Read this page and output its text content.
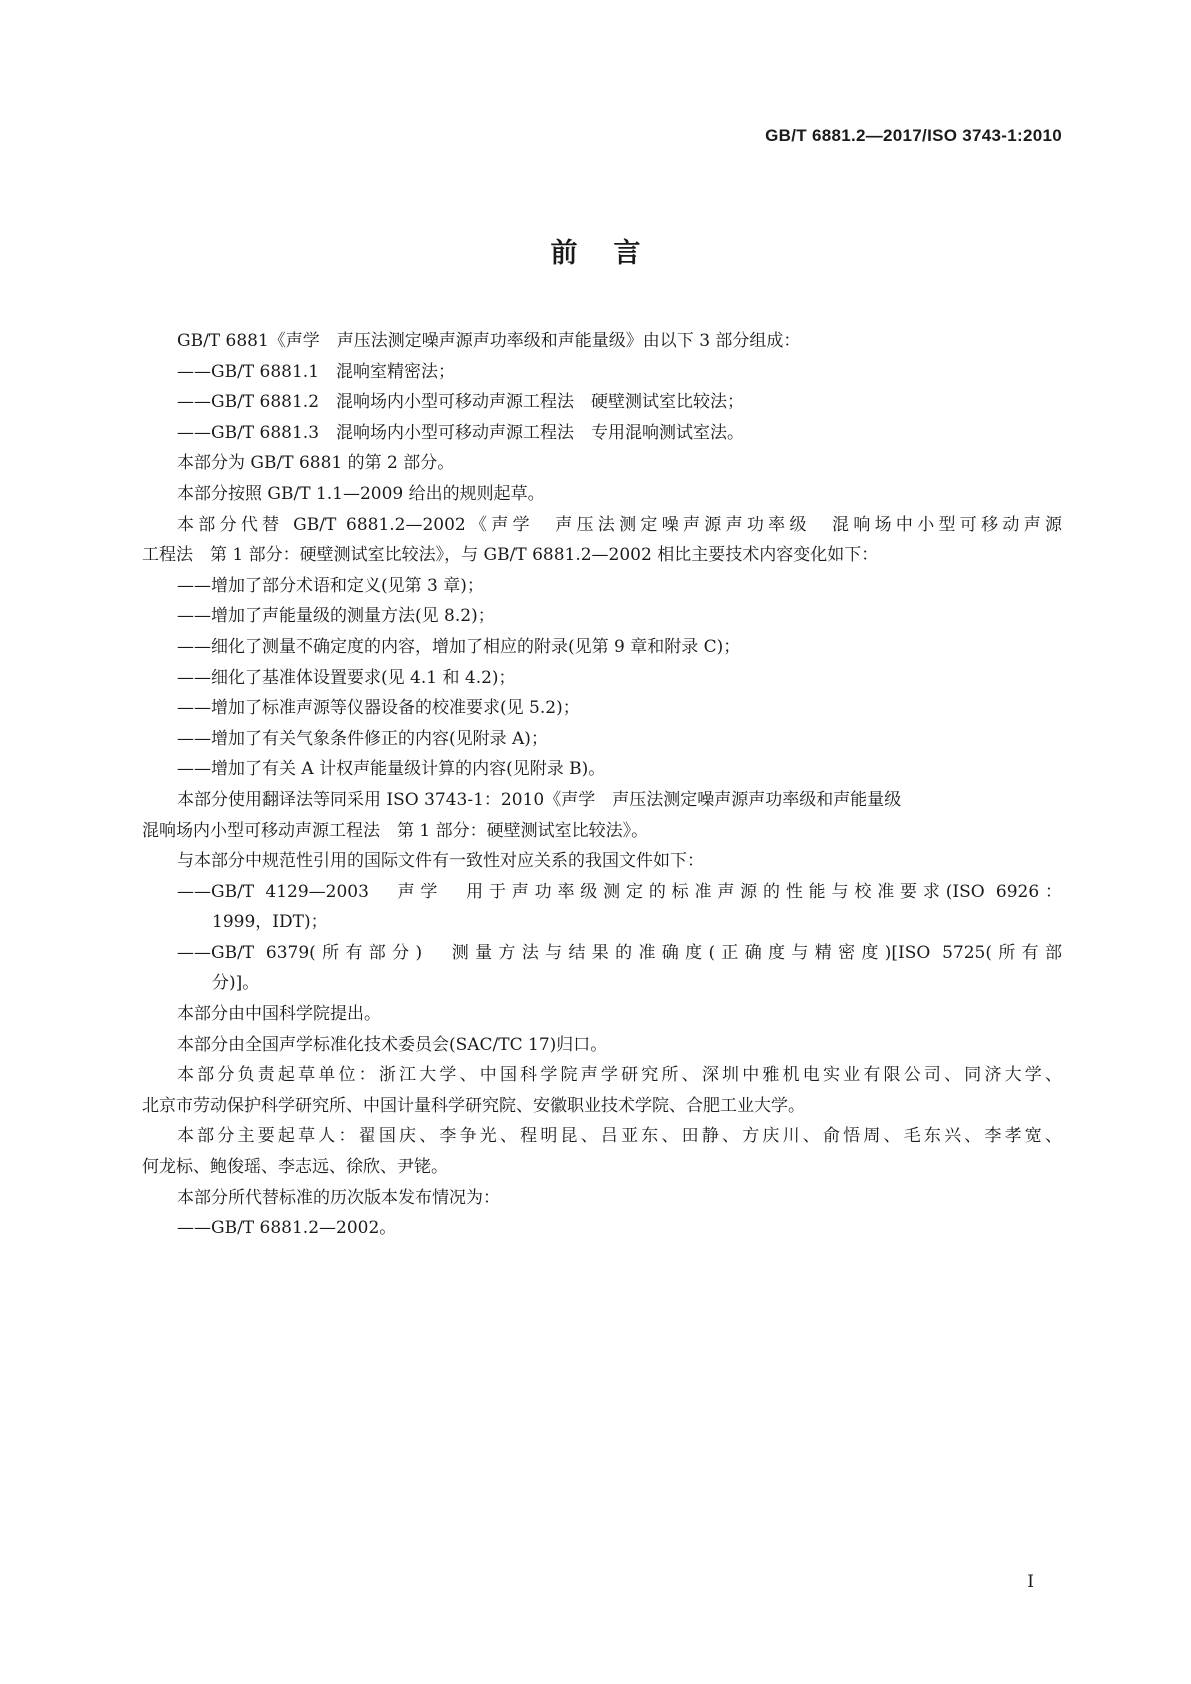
GB/T 6881.2—2017/ISO 3743-1:2010
前言

GB/T 6881《声学　声压法测定噪声源声功率级和声能量级》由以下 3 部分组成：

——GB/T 6881.1　混响室精密法；

——GB/T 6881.2　混响场内小型可移动声源工程法　硬壁测试室比较法；

——GB/T 6881.3　混响场内小型可移动声源工程法　专用混响测试室法。

本部分为 GB/T 6881 的第 2 部分。

本部分按照 GB/T 1.1—2009 给出的规则起草。

本部分代替 GB/T 6881.2—2002《声学　声压法测定噪声源声功率级　混响场中小型可移动声源

工程法　第 1 部分：硬壁测试室比较法》，与 GB/T 6881.2—2002 相比主要技术内容变化如下：

——增加了部分术语和定义(见第 3 章)；

——增加了声能量级的测量方法(见 8.2)；

——细化了测量不确定度的内容，增加了相应的附录(见第 9 章和附录 C)；

——细化了基准体设置要求(见 4.1 和 4.2)；

——增加了标准声源等仪器设备的校准要求(见 5.2)；

——增加了有关气象条件修正的内容(见附录 A)；

——增加了有关 A 计权声能量级计算的内容(见附录 B)。

本部分使用翻译法等同采用 ISO 3743-1：2010《声学　声压法测定噪声源声功率级和声能量级

混响场内小型可移动声源工程法　第 1 部分：硬壁测试室比较法》。

与本部分中规范性引用的国际文件有一致性对应关系的我国文件如下：

——GB/T 4129—2003　声学　用于声功率级测定的标准声源的性能与校准要求(ISO 6926：

1999，IDT)；

——GB/T 6379(所有部分)　测量方法与结果的准确度(正确度与精密度)[ISO 5725(所有部

分)]。

本部分由中国科学院提出。

本部分由全国声学标准化技术委员会(SAC/TC 17)归口。

本部分负责起草单位：浙江大学、中国科学院声学研究所、深圳中雅机电实业有限公司、同济大学、

北京市劳动保护科学研究所、中国计量科学研究院、安徽职业技术学院、合肥工业大学。

本部分主要起草人：翟国庆、李争光、程明昆、吕亚东、田静、方庆川、俞悟周、毛东兴、李孝宽、

何龙标、鲍俊瑶、李志远、徐欣、尹铑。

本部分所代替标准的历次版本发布情况为：

——GB/T 6881.2—2002。

I
